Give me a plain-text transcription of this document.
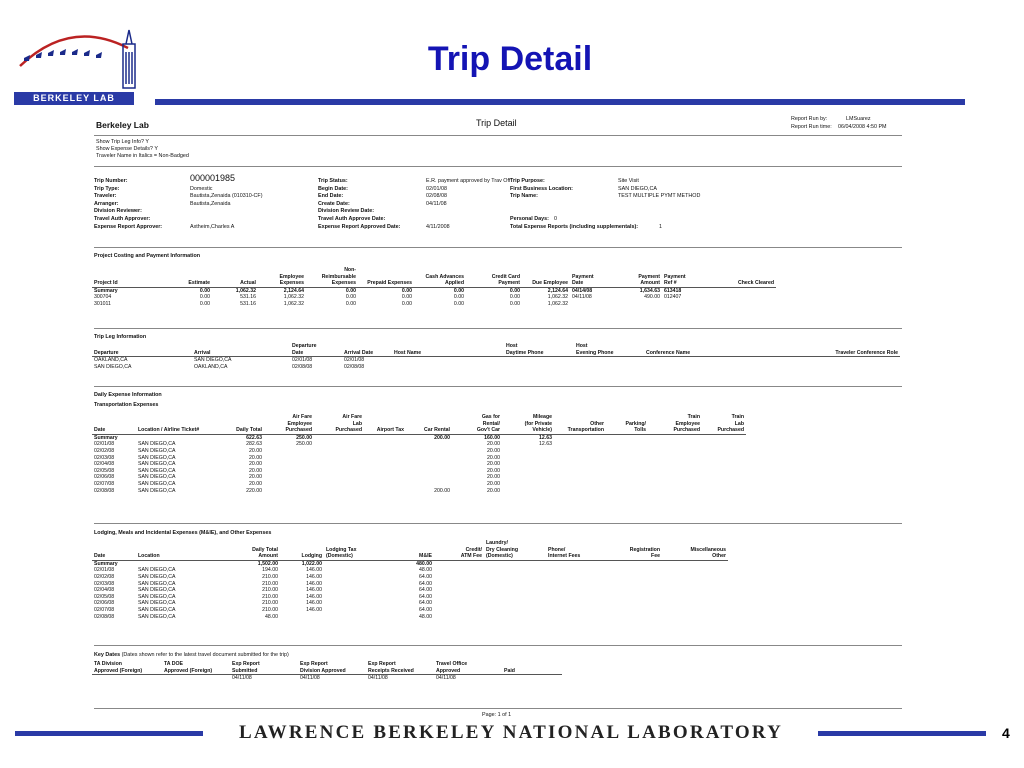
BERKELEY LAB
Trip Detail
Berkeley Lab	Trip Detail	Report Run by:	LMSuarez
Report Run time: 06/04/2008 4:50 PM
Show Trip Leg Info? Y
Show Expense Details? Y
Traveler Name in Italics = Non-Badged
Project Costing and Payment Information
Project Id	Estimate	Actual	Employee
Expenses	Non-
Reimbursable
Expenses	Prepaid Expenses	Cash Advances
Applied	Credit Card
Payment	Due Employee	Payment
Date	Payment
Amount	Payment
Ref #	Check Cleared
Summary	0.00	1,062.32	2,124.64	0.00	0.00	0.00	0.00	2,124.64	04/14/08	1,634.63	613418	
300704	0.00	531.16	1,062.32	0.00	0.00	0.00	0.00	1,062.32	04/11/08	490.00	012407	
301011	0.00	531.16	1,062.32	0.00	0.00	0.00	0.00	1,062.32				
Trip Leg Information
Departure	Arrival	Departure
Date	Arrival Date	Host Name	Host
Daytime Phone	Host
Evening Phone	Conference Name	Traveler Conference Role
OAKLAND,CA	SAN DIEGO,CA	02/01/08	02/01/08					
SAN DIEGO,CA	OAKLAND,CA	02/08/08	02/08/08					
Daily Expense Information
Transportation Expenses
Date	Location / Airline Ticket#	Daily Total	Air Fare
Employee
Purchased	Air Fare
Lab
Purchased	Airport Tax	Car Rental	Gas for
Rental/
Gov't Car	Mileage
(for Private
Vehicle)	Other
Transportation	Parking/
Tolls	Train
Employee
Purchased	Train
Lab
Purchased
Summary		622.63	250.00			200.00	160.00	12.63				
02/01/08	SAN DIEGO,CA	282.63	250.00				20.00	12.63				
02/02/08	SAN DIEGO,CA	20.00					20.00					
02/03/08	SAN DIEGO,CA	20.00					20.00					
02/04/08	SAN DIEGO,CA	20.00					20.00					
02/05/08	SAN DIEGO,CA	20.00					20.00					
02/06/08	SAN DIEGO,CA	20.00					20.00					
02/07/08	SAN DIEGO,CA	20.00					20.00					
02/08/08	SAN DIEGO,CA	220.00				200.00	20.00					
Lodging, Meals and Incidental Expenses (M&IE), and Other Expenses
Date	Location	Daily Total
Amount	Lodging	Lodging Tax
(Domestic)	M&IE	Credit/
ATM Fee	Laundry/
Dry Cleaning
(Domestic)	Phone/
Internet Fees	Registration
Fee	Miscellaneous
Other
Summary		1,502.00	1,022.00		480.00					
02/01/08	SAN DIEGO,CA	194.00	146.00		48.00					
02/02/08	SAN DIEGO,CA	210.00	146.00		64.00					
02/03/08	SAN DIEGO,CA	210.00	146.00		64.00					
02/04/08	SAN DIEGO,CA	210.00	146.00		64.00					
02/05/08	SAN DIEGO,CA	210.00	146.00		64.00					
02/06/08	SAN DIEGO,CA	210.00	146.00		64.00					
02/07/08	SAN DIEGO,CA	210.00	146.00		64.00					
02/08/08	SAN DIEGO,CA	48.00			48.00					
Key Dates (Dates shown refer to the latest travel document submitted for the trip)
TA Division
Approved (Foreign)	TA DOE
Approved (Foreign)	Exp Report
Submitted	Exp Report
Division Approved	Exp Report
Receipts Received	Travel Office
Approved	Paid
		04/11/08	04/11/08	04/11/08	04/11/08	
Page: 1 of 1
Trip Number:	000001985
Trip Type:	Domestic
Traveler:	Bautista,Zenaida (010310-CF)
Arranger:	Bautista,Zenaida
Division Reviewer:
Travel Auth Approver:
Expense Report Approver:	Axtheim,Charles A
Trip Status:	E.R. payment approved by Trav Off
Begin Date:	02/01/08
End Date:	02/08/08
Create Date:	04/11/08
Division Review Date:
Travel Auth Approve Date:
Expense Report Approved Date:	4/11/2008
Trip Purpose:	Site Visit
First Business Location:	SAN DIEGO,CA
Trip Name:	TEST MULTIPLE PYMT METHOD
Personal Days: 0
Total Expense Reports (including supplementals):	1
LAWRENCE BERKELEY NATIONAL LABORATORY	4
